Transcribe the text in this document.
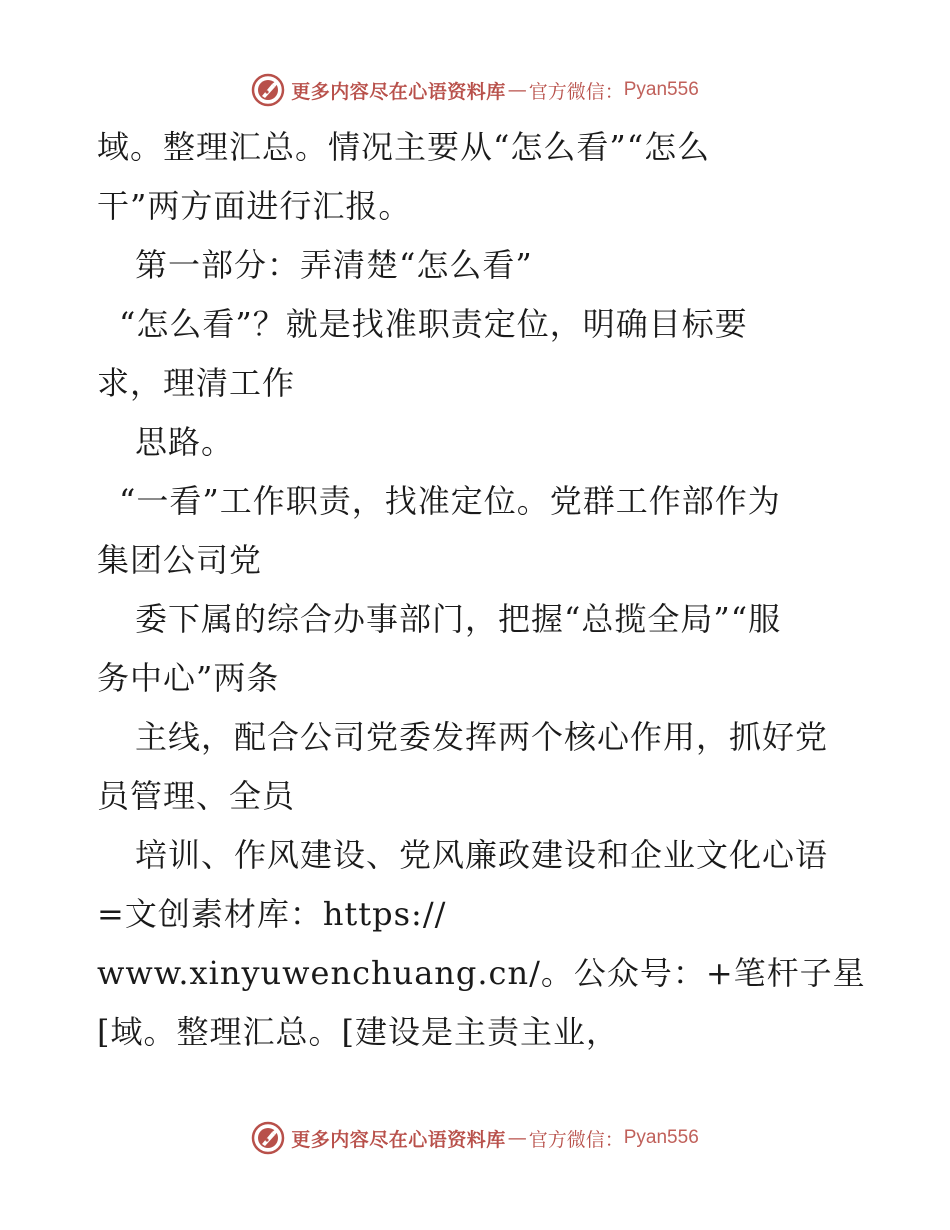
更多内容尽在心语资料库 — 官方微信： Pyan556
域。整理汇总。情况主要从“怎么看”“怎么
干”两方面进行汇报。
第一部分：弄清楚“怎么看”
“怎么看”？就是找准职责定位，明确目标要
求，理清工作
思路。
“一看”工作职责，找准定位。党群工作部作为
集团公司党
委下属的综合办事部门，把握“总揽全局”“服
务中心”两条
主线，配合公司党委发挥两个核心作用，抓好党
员管理、全员
培训、作风建设、党风廉政建设和企业文化心语
=文创素材库：https://
www.xinyuwenchuang.cn/。公众号：+笔杆子星
[域。整理汇总。[建设是主责主业，
更多内容尽在心语资料库 — 官方微信： Pyan556
